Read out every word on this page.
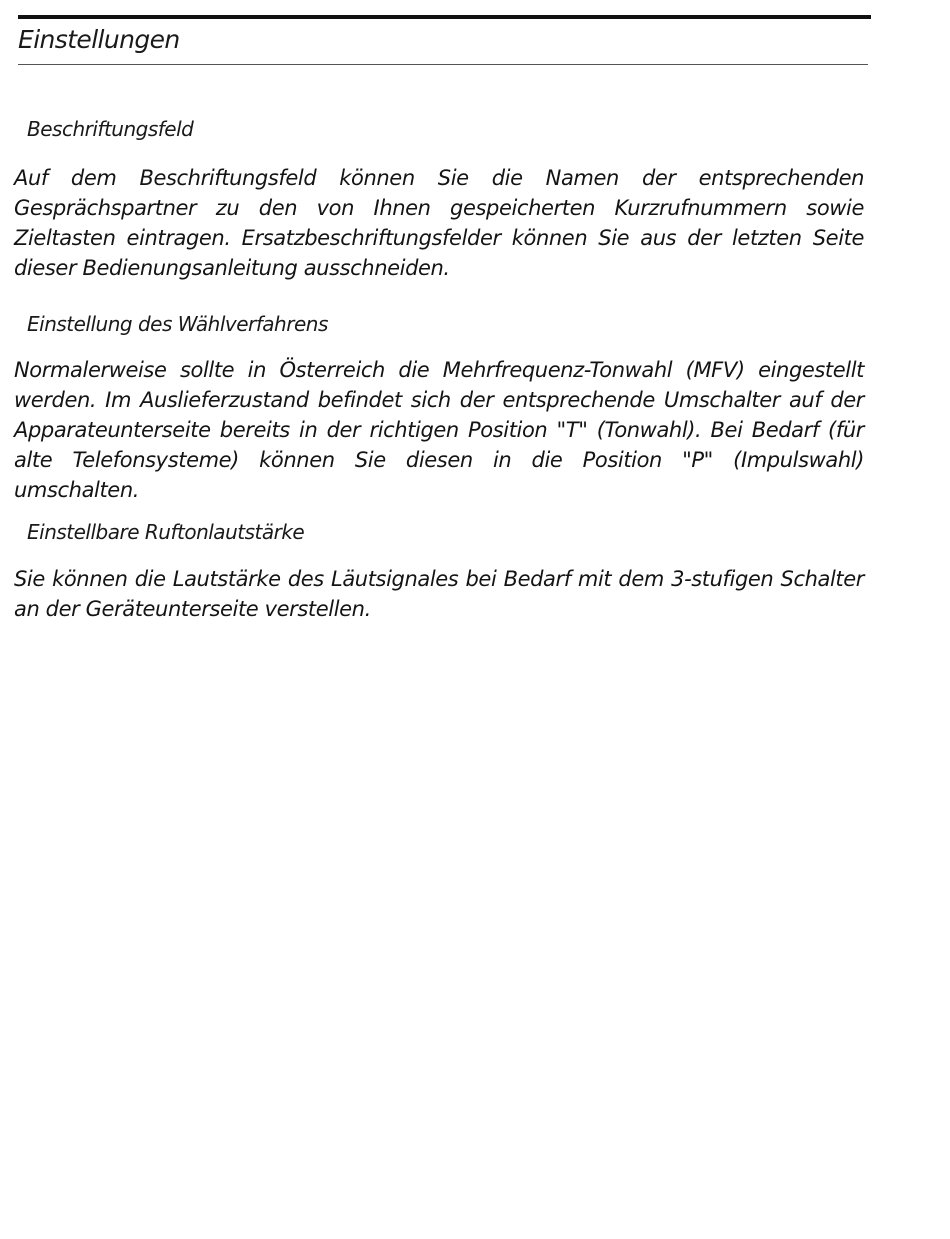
Einstellungen
Beschriftungsfeld

Auf dem Beschriftungsfeld können Sie die Namen der entsprechenden Gesprächspartner zu den von Ihnen gespeicherten Kurzrufnummern sowie Zieltasten eintragen. Ersatzbeschriftungsfelder können Sie aus der letzten Seite dieser Bedienungsanleitung ausschneiden.

Einstellung des Wählverfahrens

Normalerweise sollte in Österreich die Mehrfrequenz-Tonwahl (MFV) eingestellt werden. Im Auslieferzustand befindet sich der entsprechende Umschalter auf der Apparateunterseite bereits in der richtigen Position "T" (Tonwahl). Bei Bedarf (für alte Telefonsysteme) können Sie diesen in die Position "P" (Impulswahl) umschalten.

Einstellbare Ruftonlautstärke

Sie können die Lautstärke des Läutsignales bei Bedarf mit dem 3-stufigen Schalter an der Geräteunterseite verstellen.
